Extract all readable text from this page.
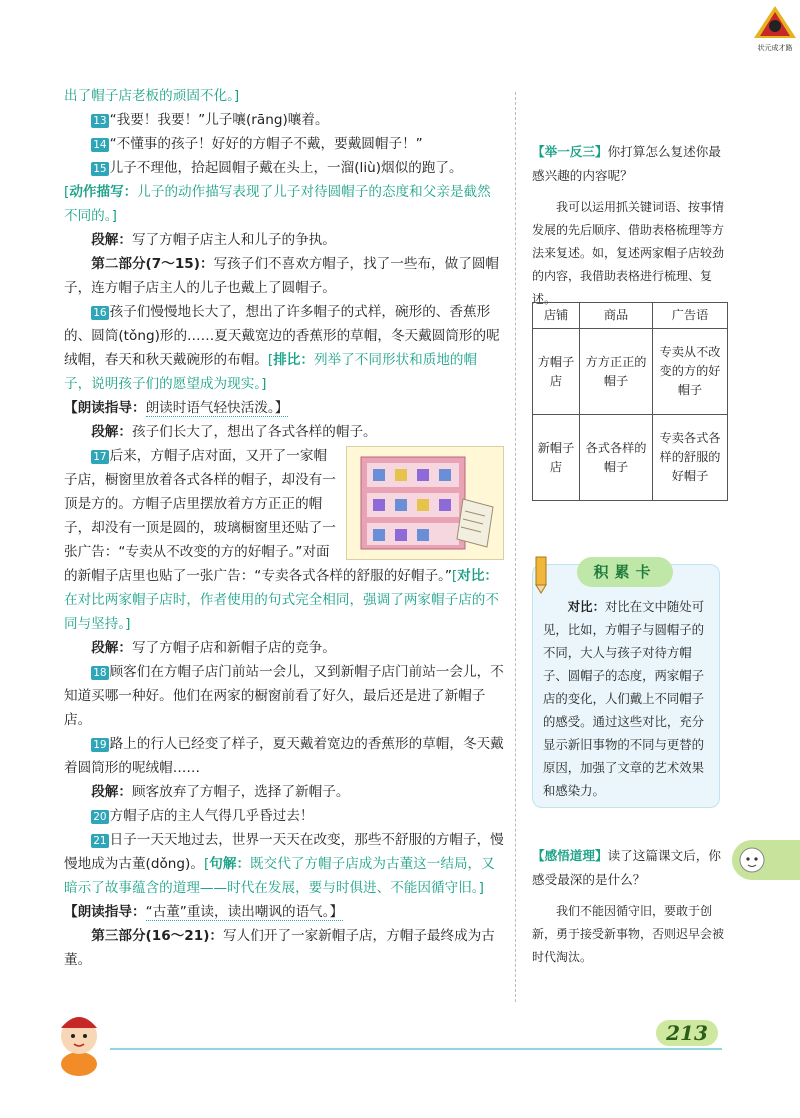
状元成才路

出了帽子店老板的顽固不化。]

13 “我要！我要！”儿子嚷(rāng)嚷着。

14 “不懂事的孩子！好好的方帽子不戴，要戴圆帽子！”

15 儿子不理他，拾起圆帽子戴在头上，一溜(liù)烟似的跑了。

[动作描写：儿子的动作描写表现了儿子对待圆帽子的态度和父亲是截然不同的。]

段解：写了方帽子店主人和儿子的争执。

第二部分(7～15)：写孩子们不喜欢方帽子，找了一些布，做了圆帽子，连方帽子店主人的儿子也戴上了圆帽子。

16 孩子们慢慢地长大了，想出了许多帽子的式样，碗形的、香蕉形的、圆筒(tǒng)形的……夏天戴宽边的香蕉形的草帽，冬天戴圆筒形的呢绒帽，春天和秋天戴碗形的布帽。[排比：列举了不同形状和质地的帽子，说明孩子们的愿望成为现实。]

【朗读指导：朗读时语气轻快活泼。】

段解：孩子们长大了，想出了各式各样的帽子。

17 后来，方帽子店对面，又开了一家帽子店，橱窗里放着各式各样的帽子，却没有一顶是方的。方帽子店里摆放着方方正正的帽子，却没有一顶是圆的，玻璃橱窗里还贴了一张广告：“专卖从不改变的方的好帽子。”对面的新帽子店里也贴了一张广告：“专卖各式各样的舒服的好帽子。”[对比：在对比两家帽子店时，作者使用的句式完全相同，强调了两家帽子店的不同与坚持。]

段解：写了方帽子店和新帽子店的竞争。

18 顾客们在方帽子店门前站一会儿，又到新帽子店门前站一会儿，不知道买哪一种好。他们在两家的橱窗前看了好久，最后还是进了新帽子店。

19 路上的行人已经变了样子，夏天戴着宽边的香蕉形的草帽，冬天戴着圆筒形的呢绒帽……

段解：顾客放弃了方帽子，选择了新帽子。

20 方帽子店的主人气得几乎昏过去！

21 日子一天天地过去，世界一天天在改变，那些不舒服的方帽子，慢慢地成为古董(dǒng)。[句解：既交代了方帽子店成为古董这一结局，又暗示了故事蕴含的道理——时代在发展，要与时俱进、不能因循守旧。]【朗读指导：“古董”重读，读出嘲讽的语气。】

第三部分(16～21)：写人们开了一家新帽子店，方帽子最终成为古董。

【举一反三】你打算怎么复述你最感兴趣的内容呢？

我可以运用抓关键词语、按事情发展的先后顺序、借助表格梳理等方法来复述。如，复述两家帽子店较劲的内容，我借助表格进行梳理、复述。

店铺	商品	广告语
方帽子店	方方正正的帽子	专卖从不改变的方的好帽子
新帽子店	各式各样的帽子	专卖各式各样的舒服的好帽子
积累卡
对比：对比在文中随处可见，比如，方帽子与圆帽子的不同，大人与孩子对待方帽子、圆帽子的态度，两家帽子店的变化，人们戴上不同帽子的感受。通过这些对比，充分显示新旧事物的不同与更替的原因，加强了文章的艺术效果和感染力。

【感悟道理】读了这篇课文后，你感受最深的是什么？

我们不能因循守旧，要敢于创新，勇于接受新事物，否则迟早会被时代淘汰。

213
